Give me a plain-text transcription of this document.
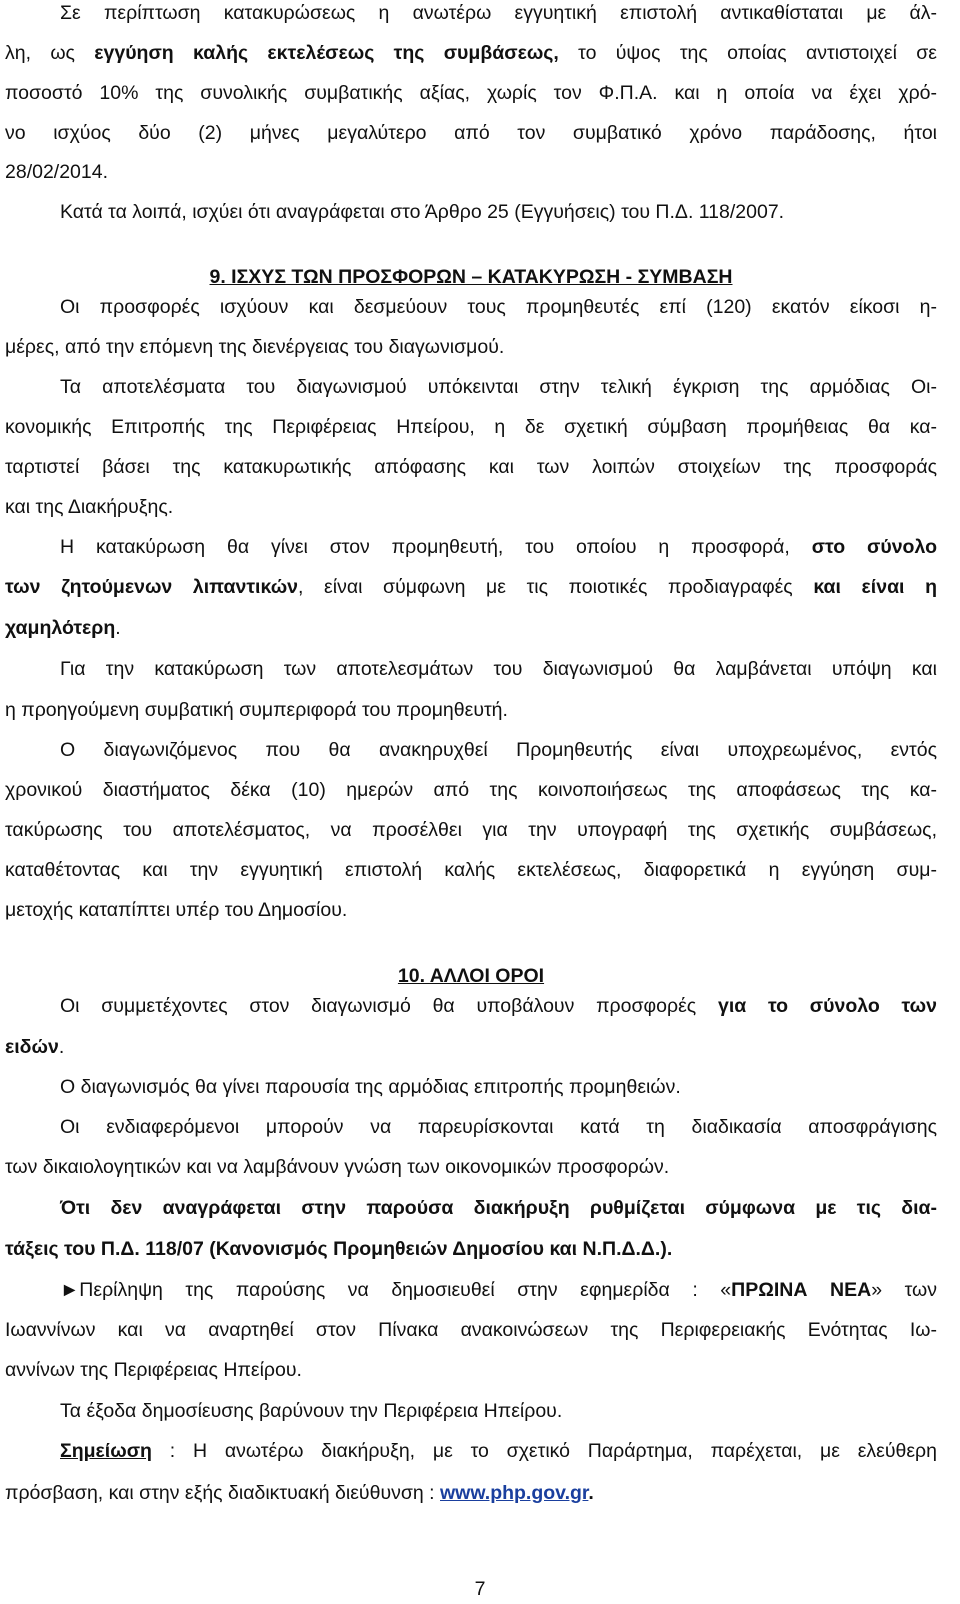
Σε περίπτωση κατακυρώσεως η ανωτέρω εγγυητική επιστολή αντικαθίσταται με άλ-
λη, ως εγγύηση καλής εκτελέσεως της συμβάσεως, το ύψος της οποίας αντιστοιχεί σε
ποσοστό 10% της συνολικής συμβατικής αξίας, χωρίς τον Φ.Π.Α. και η οποία να έχει χρό-
νο ισχύος δύο (2) μήνες μεγαλύτερο από τον συμβατικό χρόνο παράδοσης, ήτοι
28/02/2014.
Κατά τα λοιπά, ισχύει ότι αναγράφεται στο Άρθρο 25 (Εγγυήσεις) του Π.Δ. 118/2007.
9. ΙΣΧΥΣ ΤΩΝ ΠΡΟΣΦΟΡΩΝ – ΚΑΤΑΚΥΡΩΣΗ - ΣΥΜΒΑΣΗ
Οι προσφορές ισχύουν και δεσμεύουν τους προμηθευτές επί (120) εκατόν είκοσι η-
μέρες, από την επόμενη της διενέργειας του διαγωνισμού.
Τα αποτελέσματα του διαγωνισμού υπόκεινται στην τελική έγκριση της αρμόδιας Οι-
κονομικής Επιτροπής της Περιφέρειας Ηπείρου, η δε σχετική σύμβαση προμήθειας θα κα-
ταρτιστεί βάσει της κατακυρωτικής απόφασης και των λοιπών στοιχείων της προσφοράς
και της Διακήρυξης.
Η κατακύρωση θα γίνει στον προμηθευτή, του οποίου η προσφορά, στο σύνολο
των ζητούμενων λιπαντικών, είναι σύμφωνη με τις ποιοτικές προδιαγραφές και είναι η
χαμηλότερη.
Για την κατακύρωση των αποτελεσμάτων του διαγωνισμού θα λαμβάνεται υπόψη και
η προηγούμενη συμβατική συμπεριφορά του προμηθευτή.
Ο διαγωνιζόμενος που θα ανακηρυχθεί Προμηθευτής είναι υποχρεωμένος, εντός
χρονικού διαστήματος δέκα (10) ημερών από της κοινοποιήσεως της αποφάσεως της κα-
τακύρωσης του αποτελέσματος, να προσέλθει για την υπογραφή της σχετικής συμβάσεως,
καταθέτοντας και την εγγυητική επιστολή καλής εκτελέσεως, διαφορετικά η εγγύηση συμ-
μετοχής καταπίπτει υπέρ του Δημοσίου.
10. ΑΛΛΟΙ ΟΡΟΙ
Οι συμμετέχοντες στον διαγωνισμό θα υποβάλουν προσφορές για το σύνολο των
ειδών.
Ο διαγωνισμός θα γίνει παρουσία της αρμόδιας επιτροπής προμηθειών.
Οι ενδιαφερόμενοι μπορούν να παρευρίσκονται κατά τη διαδικασία αποσφράγισης
των δικαιολογητικών και να λαμβάνουν γνώση των οικονομικών προσφορών.
Ότι δεν αναγράφεται στην παρούσα διακήρυξη ρυθμίζεται σύμφωνα με τις δια-
τάξεις του Π.Δ. 118/07 (Κανονισμός Προμηθειών Δημοσίου και Ν.Π.Δ.Δ.).
►Περίληψη της παρούσης να δημοσιευθεί στην εφημερίδα : «ΠΡΩΙΝΑ ΝΕΑ» των
Ιωαννίνων και να αναρτηθεί στον Πίνακα ανακοινώσεων της Περιφερειακής Ενότητας Ιω-
αννίνων της Περιφέρειας Ηπείρου.
Τα έξοδα δημοσίευσης βαρύνουν την Περιφέρεια Ηπείρου.
Σημείωση : Η ανωτέρω διακήρυξη, με το σχετικό Παράρτημα, παρέχεται, με ελεύθερη
πρόσβαση, και στην εξής διαδικτυακή διεύθυνση : www.php.gov.gr.
7
